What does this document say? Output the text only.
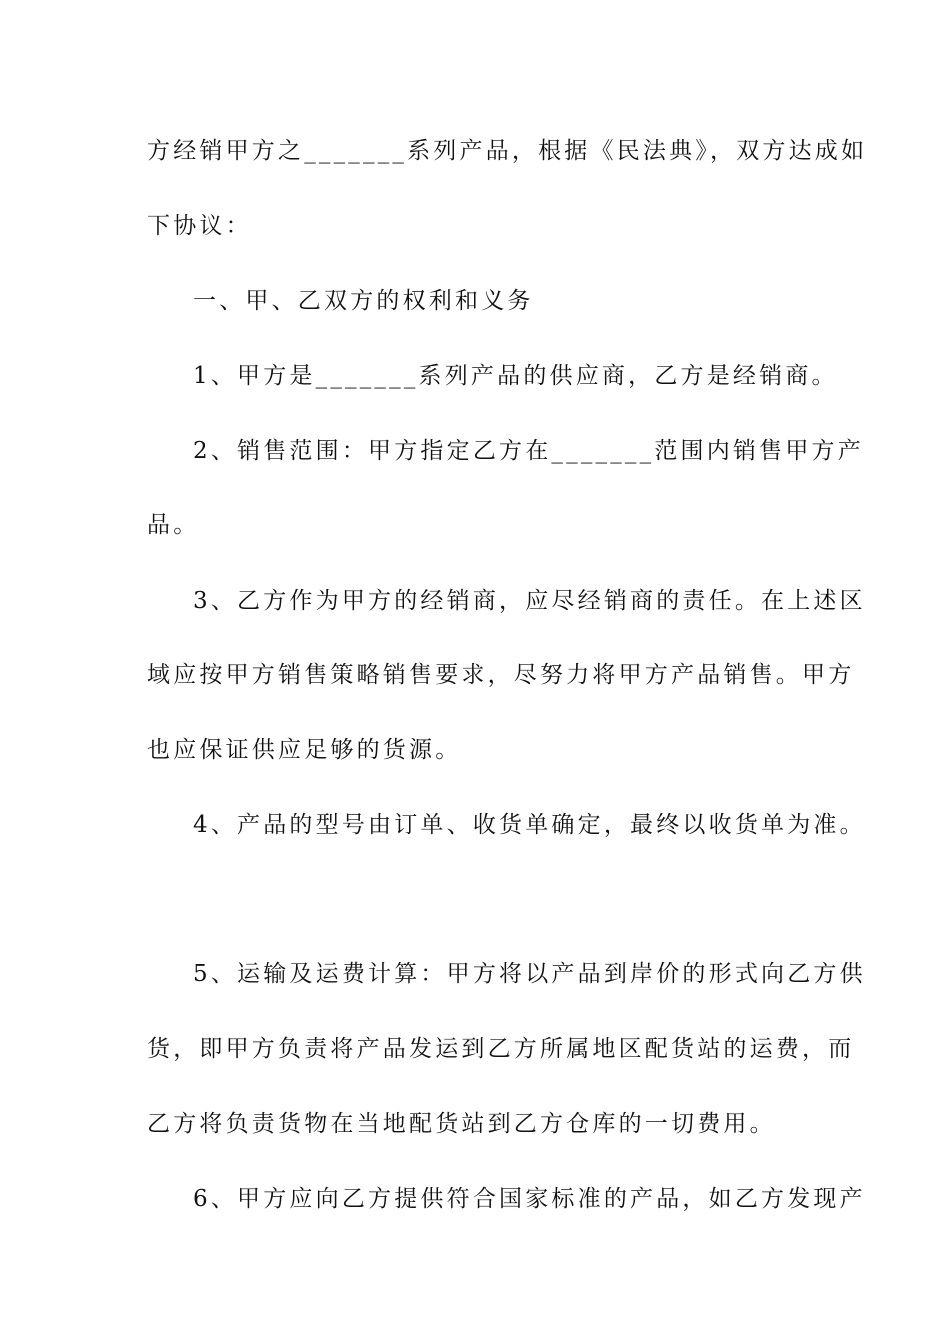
方经销甲方之_______系列产品，根据《民法典》，双方达成如
下协议：
一、甲、乙双方的权利和义务
1、甲方是_______系列产品的供应商，乙方是经销商。
2、销售范围：甲方指定乙方在_______范围内销售甲方产
品。
3、乙方作为甲方的经销商，应尽经销商的责任。在上述区
域应按甲方销售策略销售要求，尽努力将甲方产品销售。甲方
也应保证供应足够的货源。
4、产品的型号由订单、收货单确定，最终以收货单为准。
5、运输及运费计算：甲方将以产品到岸价的形式向乙方供
货，即甲方负责将产品发运到乙方所属地区配货站的运费，而
乙方将负责货物在当地配货站到乙方仓库的一切费用。
6、甲方应向乙方提供符合国家标准的产品，如乙方发现产
